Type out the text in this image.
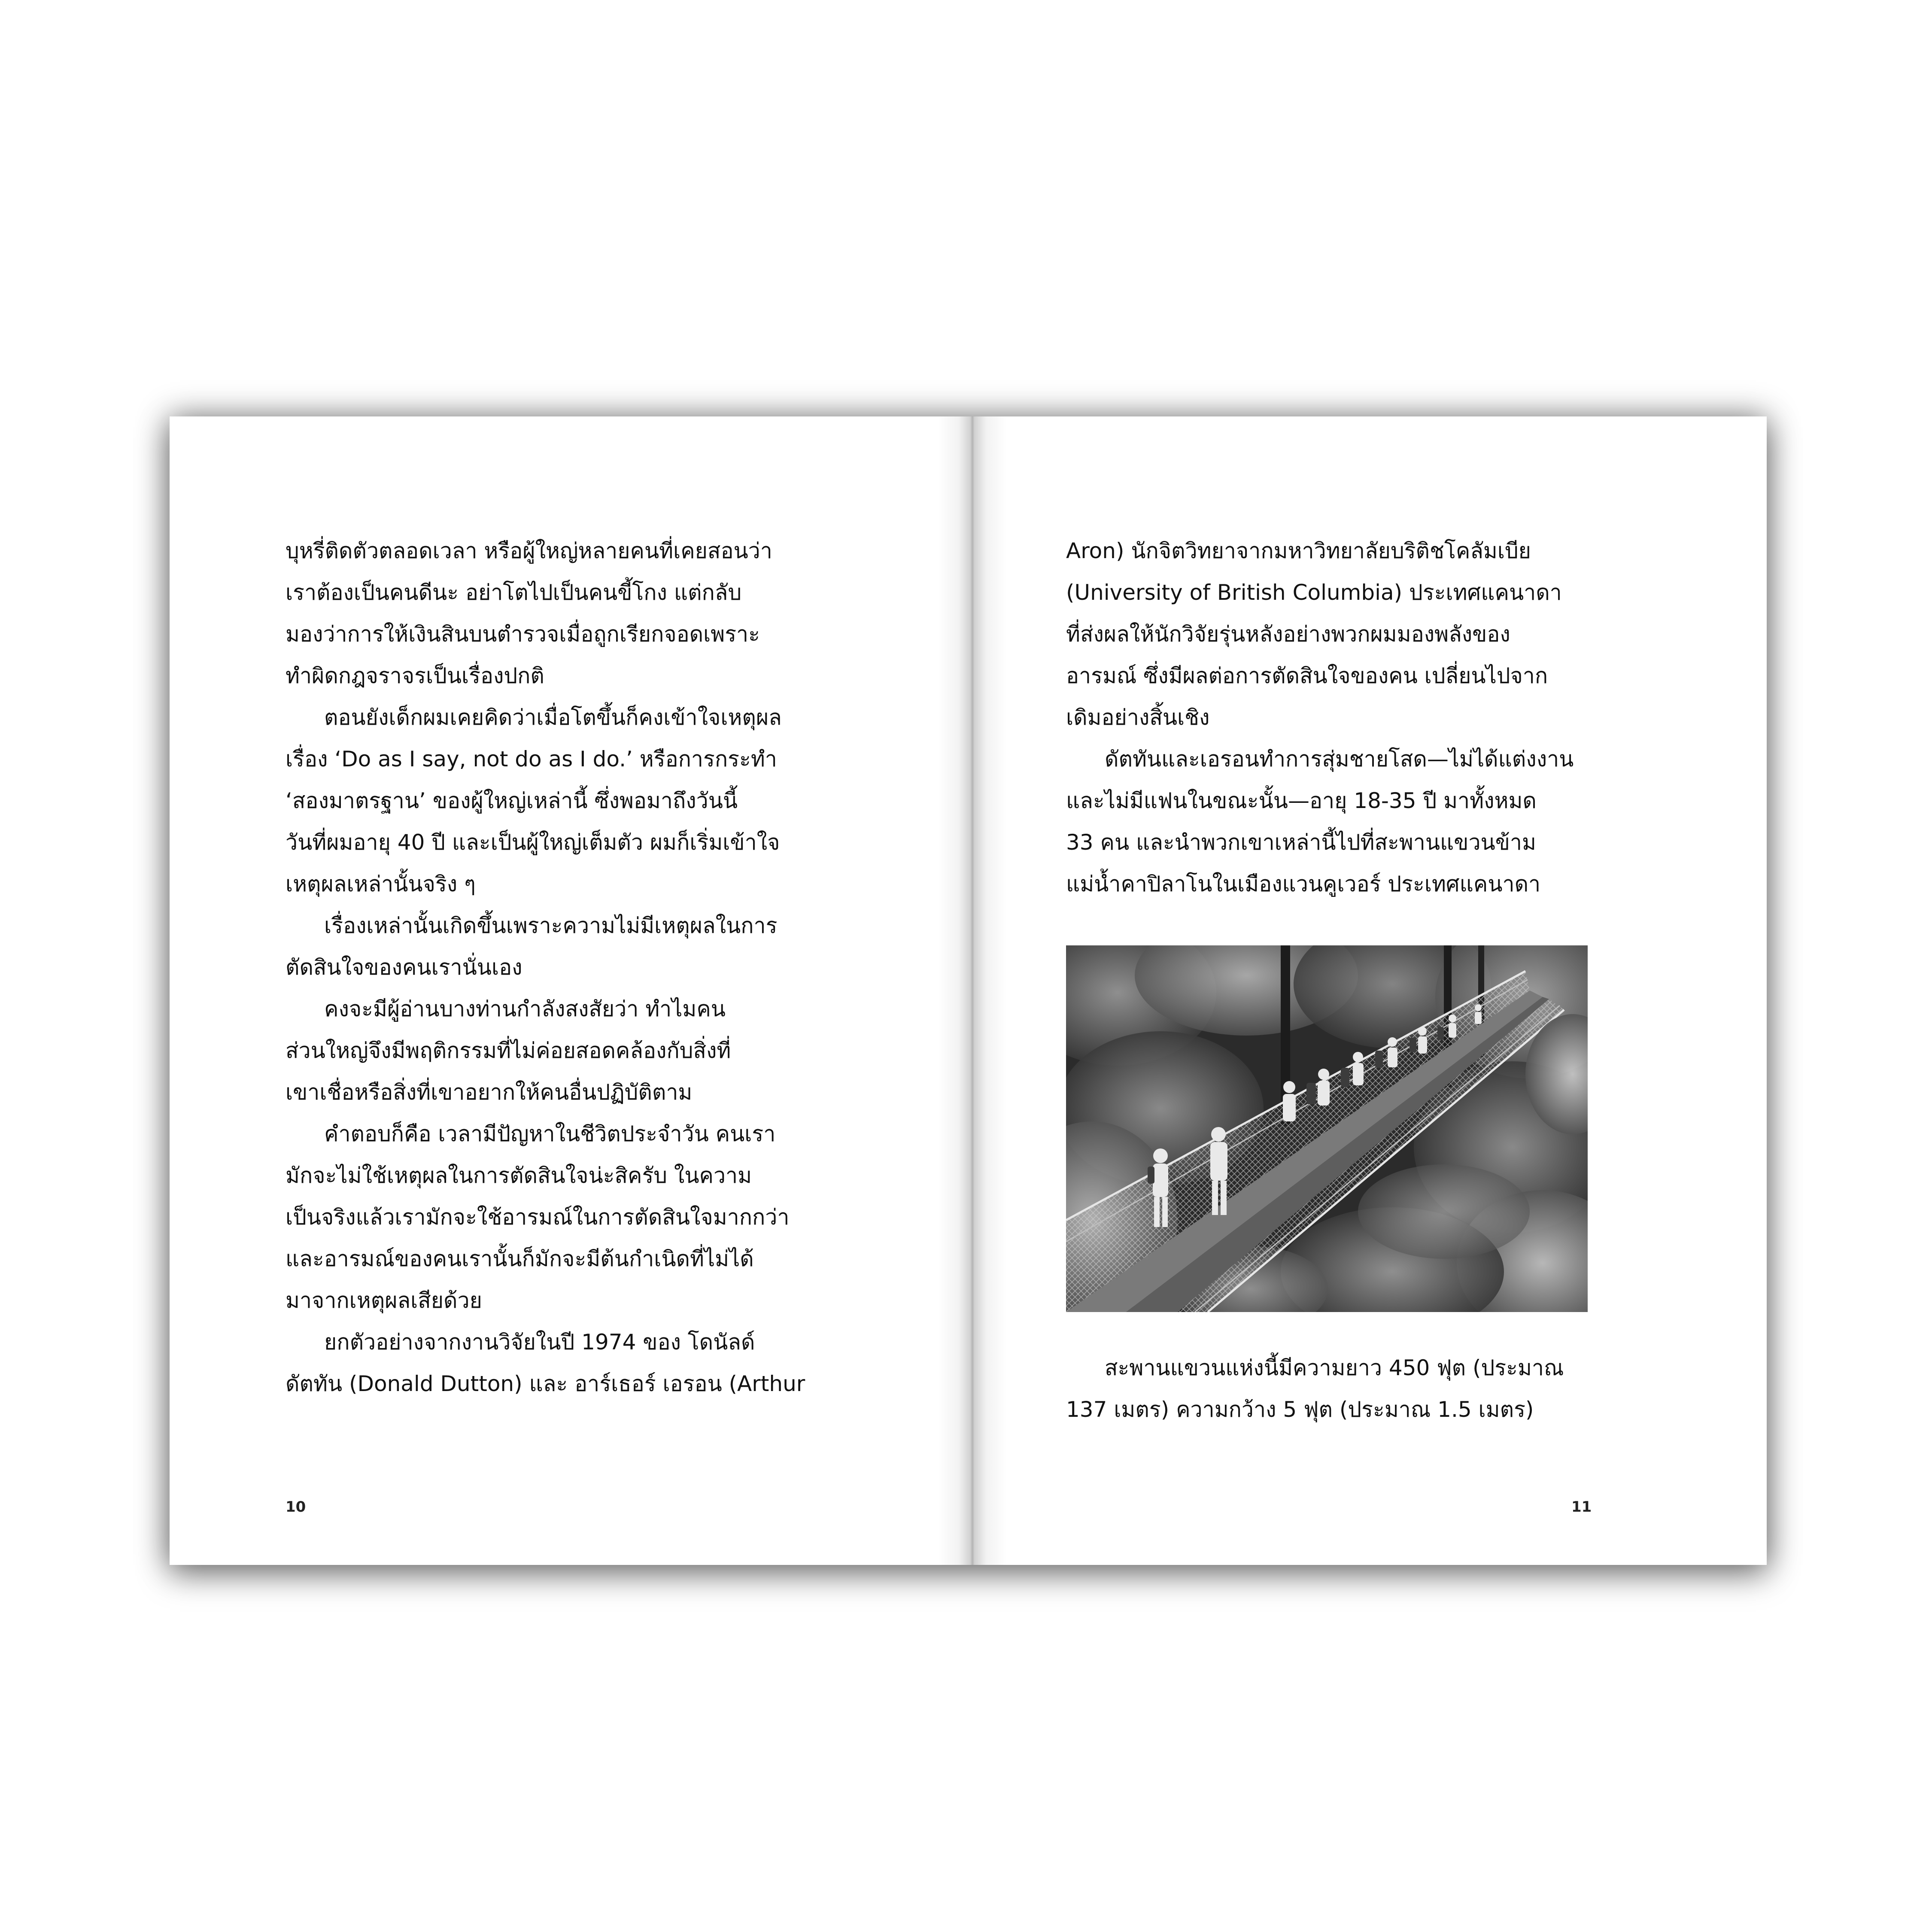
บุหรี่ติดตัวตลอดเวลา หรือผู้ใหญ่หลายคนที่เคยสอนว่า
เราต้องเป็นคนดีนะ อย่าโตไปเป็นคนขี้โกง แต่กลับ
มองว่าการให้เงินสินบนตำรวจเมื่อถูกเรียกจอดเพราะ
ทำผิดกฎจราจรเป็นเรื่องปกติ
ตอนยังเด็กผมเคยคิดว่าเมื่อโตขึ้นก็คงเข้าใจเหตุผล
เรื่อง ‘Do as I say, not do as I do.’ หรือการกระทำ
‘สองมาตรฐาน’ ของผู้ใหญ่เหล่านี้ ซึ่งพอมาถึงวันนี้
วันที่ผมอายุ 40 ปี และเป็นผู้ใหญ่เต็มตัว ผมก็เริ่มเข้าใจ
เหตุผลเหล่านั้นจริง ๆ
เรื่องเหล่านั้นเกิดขึ้นเพราะความไม่มีเหตุผลในการ
ตัดสินใจของคนเรานั่นเอง
คงจะมีผู้อ่านบางท่านกำลังสงสัยว่า ทำไมคน
ส่วนใหญ่จึงมีพฤติกรรมที่ไม่ค่อยสอดคล้องกับสิ่งที่
เขาเชื่อหรือสิ่งที่เขาอยากให้คนอื่นปฏิบัติตาม
คำตอบก็คือ เวลามีปัญหาในชีวิตประจำวัน คนเรา
มักจะไม่ใช้เหตุผลในการตัดสินใจน่ะสิครับ ในความ
เป็นจริงแล้วเรามักจะใช้อารมณ์ในการตัดสินใจมากกว่า
และอารมณ์ของคนเรานั้นก็มักจะมีต้นกำเนิดที่ไม่ได้
มาจากเหตุผลเสียด้วย
ยกตัวอย่างจากงานวิจัยในปี 1974 ของ โดนัลด์
ดัตทัน (Donald Dutton) และ อาร์เธอร์ เอรอน (Arthur
10
Aron) นักจิตวิทยาจากมหาวิทยาลัยบริติชโคลัมเบีย
(University of British Columbia) ประเทศแคนาดา
ที่ส่งผลให้นักวิจัยรุ่นหลังอย่างพวกผมมองพลังของ
อารมณ์ ซึ่งมีผลต่อการตัดสินใจของคน เปลี่ยนไปจาก
เดิมอย่างสิ้นเชิง
ดัตทันและเอรอนทำการสุ่มชายโสด—ไม่ได้แต่งงาน
และไม่มีแฟนในขณะนั้น—อายุ 18-35 ปี มาทั้งหมด
33 คน และนำพวกเขาเหล่านี้ไปที่สะพานแขวนข้าม
แม่น้ำคาปิลาโนในเมืองแวนคูเวอร์ ประเทศแคนาดา
สะพานแขวนแห่งนี้มีความยาว 450 ฟุต (ประมาณ
137 เมตร) ความกว้าง 5 ฟุต (ประมาณ 1.5 เมตร)
11
